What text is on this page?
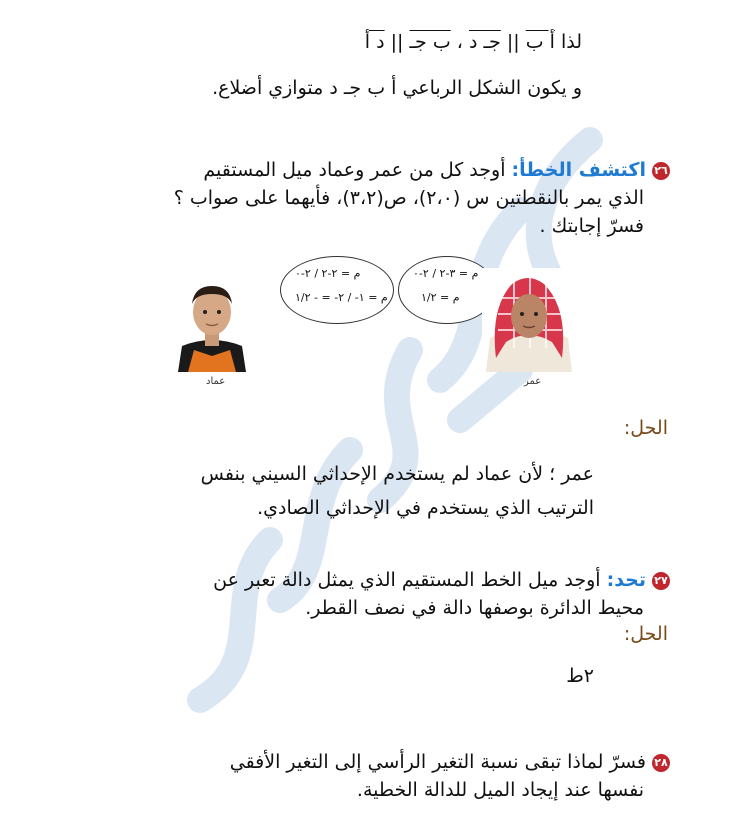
لذا أ ب || جـ د ، ب جـ || د أ
و يكون الشكل الرباعي أ ب جـ د متوازي أضلاع.
٢٦اكتشف الخطأ: أوجد كل من عمر وعماد ميل المستقيم
الذي يمر بالنقطتين س (٢،٠)، ص(٣،٢)، فأيهما على صواب ؟
فسرّ إجابتك .
م = ٢-٢ / ٢-٠
م = ١- / ٢- = - ١/٢
م = ٣-٢ / ٢-٠
م = ١/٢
عماد	عمر
الحل:
عمر ؛ لأن عماد لم يستخدم الإحداثي السيني بنفس
الترتيب الذي يستخدم في الإحداثي الصادي.
٢٧تحد: أوجد ميل الخط المستقيم الذي يمثل دالة تعبر عن
محيط الدائرة بوصفها دالة في نصف القطر.
الحل:
٢ط
٢٨فسرّ لماذا تبقى نسبة التغير الرأسي إلى التغير الأفقي
نفسها عند إيجاد الميل للدالة الخطية.
